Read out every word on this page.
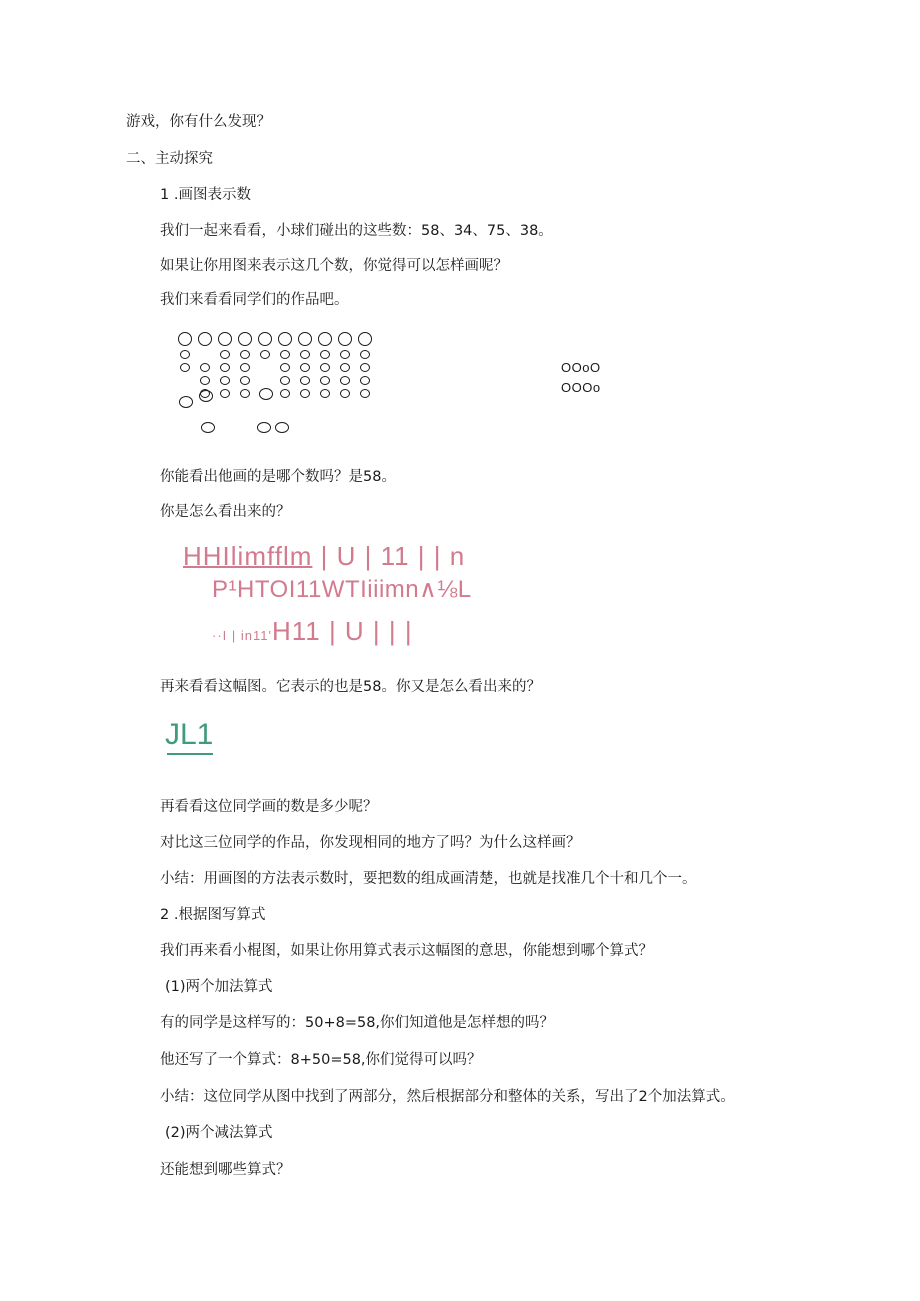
游戏，你有什么发现？
二、主动探究
1 .画图表示数
我们一起来看看，小球们碰出的这些数：58、34、75、38。
如果让你用图来表示这几个数，你觉得可以怎样画呢？
我们来看看同学们的作品吧。
OOoO
OOOo
你能看出他画的是哪个数吗？是58。
你是怎么看出来的？
HHIlimfflm | U | 11 | | n
P¹HTOI11WTIiiimn∧⅛L
··I | in11'H11 | U | | |
再来看看这幅图。它表示的也是58。你又是怎么看出来的？
JL1
再看看这位同学画的数是多少呢？
对比这三位同学的作品，你发现相同的地方了吗？为什么这样画？
小结：用画图的方法表示数时，要把数的组成画清楚，也就是找准几个十和几个一。
2 .根据图写算式
我们再来看小棍图，如果让你用算式表示这幅图的意思，你能想到哪个算式？
(1)两个加法算式
有的同学是这样写的：50+8=58,你们知道他是怎样想的吗？
他还写了一个算式：8+50=58,你们觉得可以吗？
小结：这位同学从图中找到了两部分，然后根据部分和整体的关系，写出了2个加法算式。
(2)两个减法算式
还能想到哪些算式？
